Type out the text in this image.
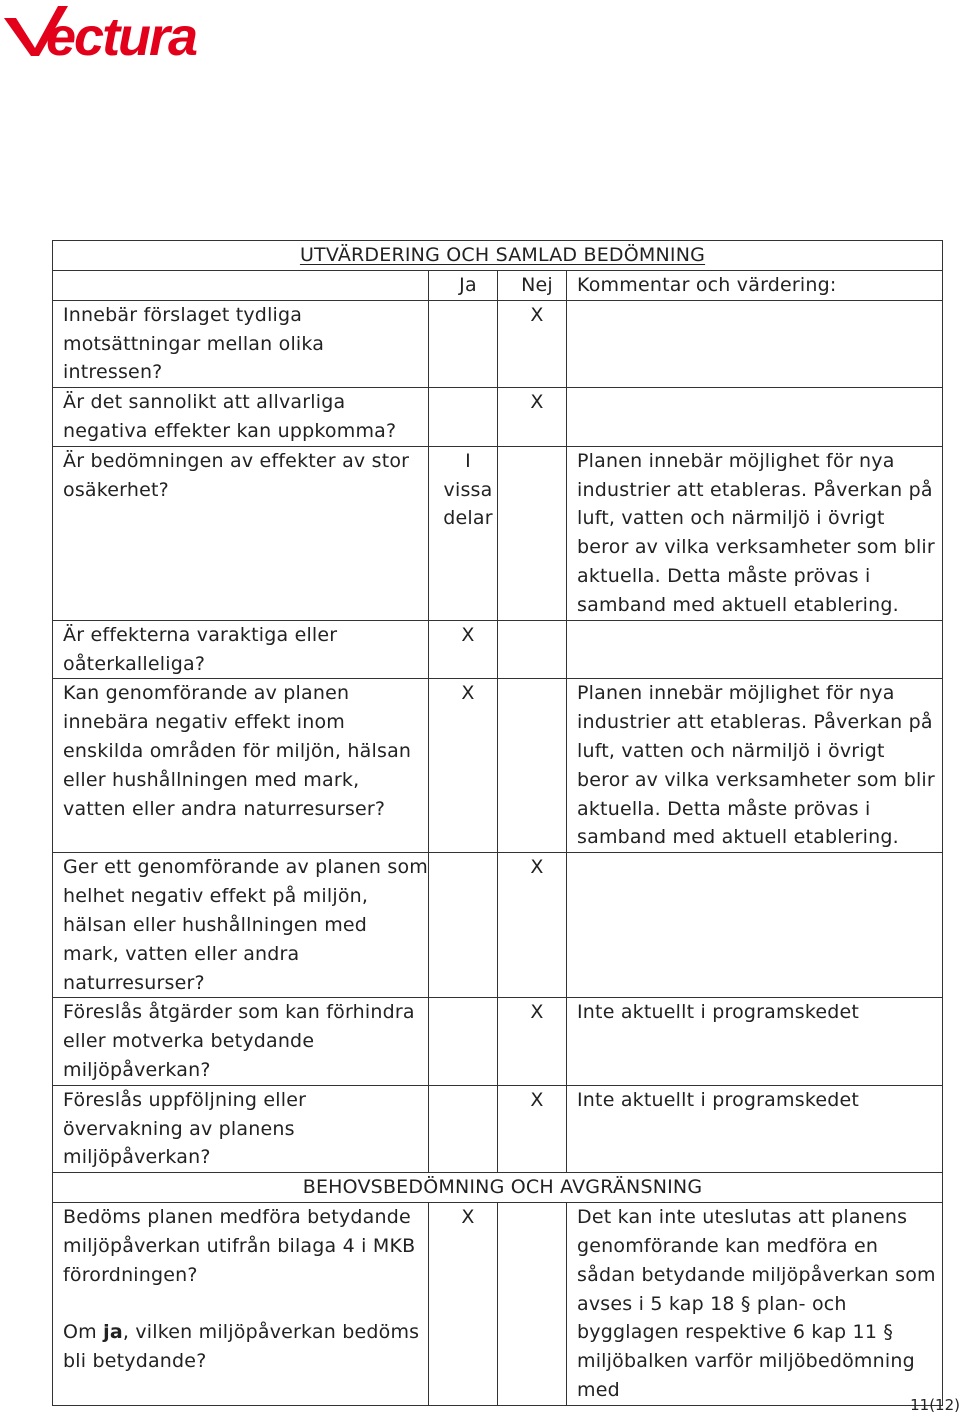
ectura
UTVÄRDERING OCH SAMLAD BEDÖMNING			
	Ja	Nej	Kommentar och värdering:
Innebär förslaget tydliga motsättningar mellan olika intressen?		X	
Är det sannolikt att allvarliga negativa effekter kan uppkomma?		X	
Är bedömningen av effekter av stor osäkerhet?	I vissa delar		Planen innebär möjlighet för nya industrier att etableras. Påverkan på luft, vatten och närmiljö i övrigt beror av vilka verksamheter som blir aktuella. Detta måste prövas i samband med aktuell etablering.
Är effekterna varaktiga eller oåterkalleliga?	X		
Kan genomförande av planen innebära negativ effekt inom enskilda områden för miljön, hälsan eller hushållningen med mark, vatten eller andra naturresurser?	X		Planen innebär möjlighet för nya industrier att etableras. Påverkan på luft, vatten och närmiljö i övrigt beror av vilka verksamheter som blir aktuella. Detta måste prövas i samband med aktuell etablering.
Ger ett genomförande av planen som helhet negativ effekt på miljön, hälsan eller hushållningen med mark, vatten eller andra naturresurser?		X	
Föreslås åtgärder som kan förhindra eller motverka betydande miljöpåverkan?		X	Inte aktuellt i programskedet
Föreslås uppföljning eller övervakning av planens miljöpåverkan?		X	Inte aktuellt i programskedet
BEHOVSBEDÖMNING OCH AVGRÄNSNING			
Bedöms planen medföra betydande miljöpåverkan utifrån bilaga 4 i MKB förordningen?

Om ja, vilken miljöpåverkan bedöms bli betydande?	X		Det kan inte uteslutas att planens genomförande kan medföra en sådan betydande miljöpåverkan som avses i 5 kap 18 § plan- och bygglagen respektive 6 kap 11 § miljöbalken varför miljöbedömning med
11(12)
